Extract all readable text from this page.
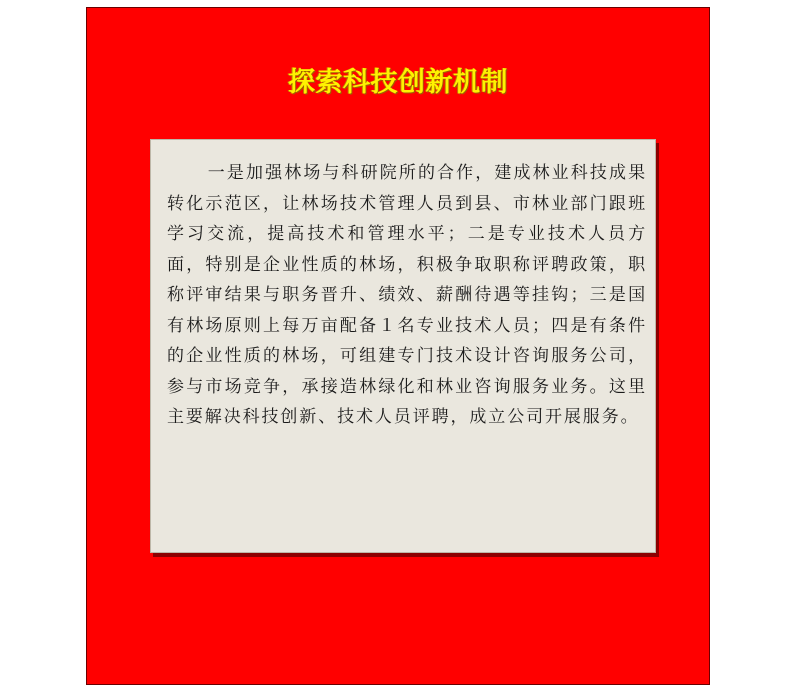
探索科技创新机制

一是加强林场与科研院所的合作，建成林业科技成果转化示范区，让林场技术管理人员到县、市林业部门跟班学习交流，提高技术和管理水平；二是专业技术人员方面，特别是企业性质的林场，积极争取职称评聘政策，职称评审结果与职务晋升、绩效、薪酬待遇等挂钩；三是国有林场原则上每万亩配备１名专业技术人员；四是有条件的企业性质的林场，可组建专门技术设计咨询服务公司，参与市场竞争，承接造林绿化和林业咨询服务业务。这里主要解决科技创新、技术人员评聘，成立公司开展服务。
